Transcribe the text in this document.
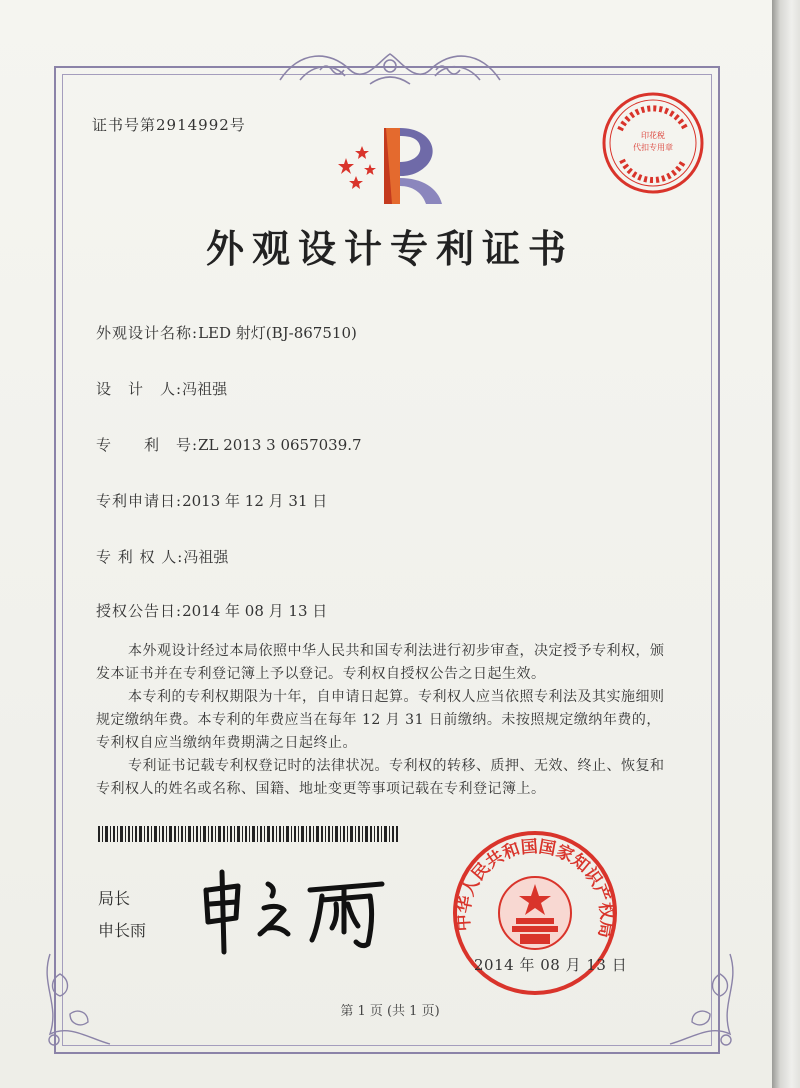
证书号第2914992号
印花税
代扣专用章
外观设计专利证书
外观设计名称:LED 射灯(BJ-867510)
设　计　人:冯祖强
专　　利　号:ZL 2013 3 0657039.7
专利申请日:2013 年 12 月 31 日
专 利 权 人:冯祖强
授权公告日:2014 年 08 月 13 日

本外观设计经过本局依照中华人民共和国专利法进行初步审查，决定授予专利权，颁发本证书并在专利登记簿上予以登记。专利权自授权公告之日起生效。

本专利的专利权期限为十年，自申请日起算。专利权人应当依照专利法及其实施细则规定缴纳年费。本专利的年费应当在每年 12 月 31 日前缴纳。未按照规定缴纳年费的，专利权自应当缴纳年费期满之日起终止。

专利证书记载专利权登记时的法律状况。专利权的转移、质押、无效、终止、恢复和专利权人的姓名或名称、国籍、地址变更等事项记载在专利登记簿上。

局长
申长雨	中华人民共和国国家知识产权局
2014 年 08 月 13 日
第 1 页 (共 1 页)
